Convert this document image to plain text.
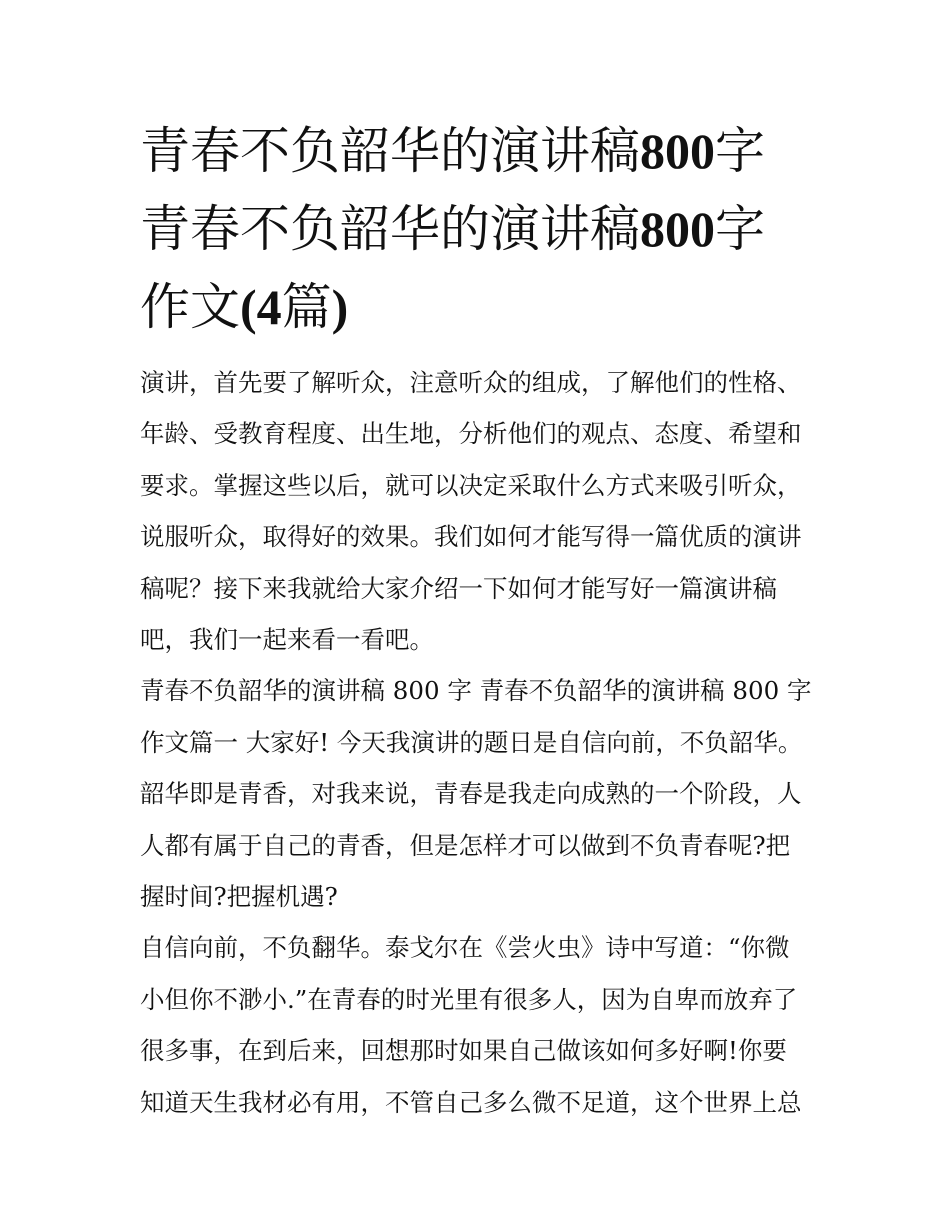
青春不负韶华的演讲稿800字
青春不负韶华的演讲稿800字
作文(4篇)

演讲，首先要了解听众，注意听众的组成，了解他们的性格、
年龄、受教育程度、出生地，分析他们的观点、态度、希望和
要求。掌握这些以后，就可以决定采取什么方式来吸引听众，
说服听众，取得好的效果。我们如何才能写得一篇优质的演讲
稿呢？接下来我就给大家介绍一下如何才能写好一篇演讲稿
吧，我们一起来看一看吧。

青春不负韶华的演讲稿 800 字 青春不负韶华的演讲稿 800 字
作文篇一 大家好! 今天我演讲的题日是自信向前，不负韶华。
韶华即是青香，对我来说，青春是我走向成熟的一个阶段，人
人都有属于自己的青香，但是怎样才可以做到不负青春呢?把
握时间?把握机遇?

自信向前，不负翻华。泰戈尔在《尝火虫》诗中写道：“你微
小但你不渺小.”在青春的时光里有很多人，因为自卑而放弃了
很多事，在到后来，回想那时如果自己做该如何多好啊!你要
知道天生我材必有用，不管自己多么微不足道，这个世界上总
